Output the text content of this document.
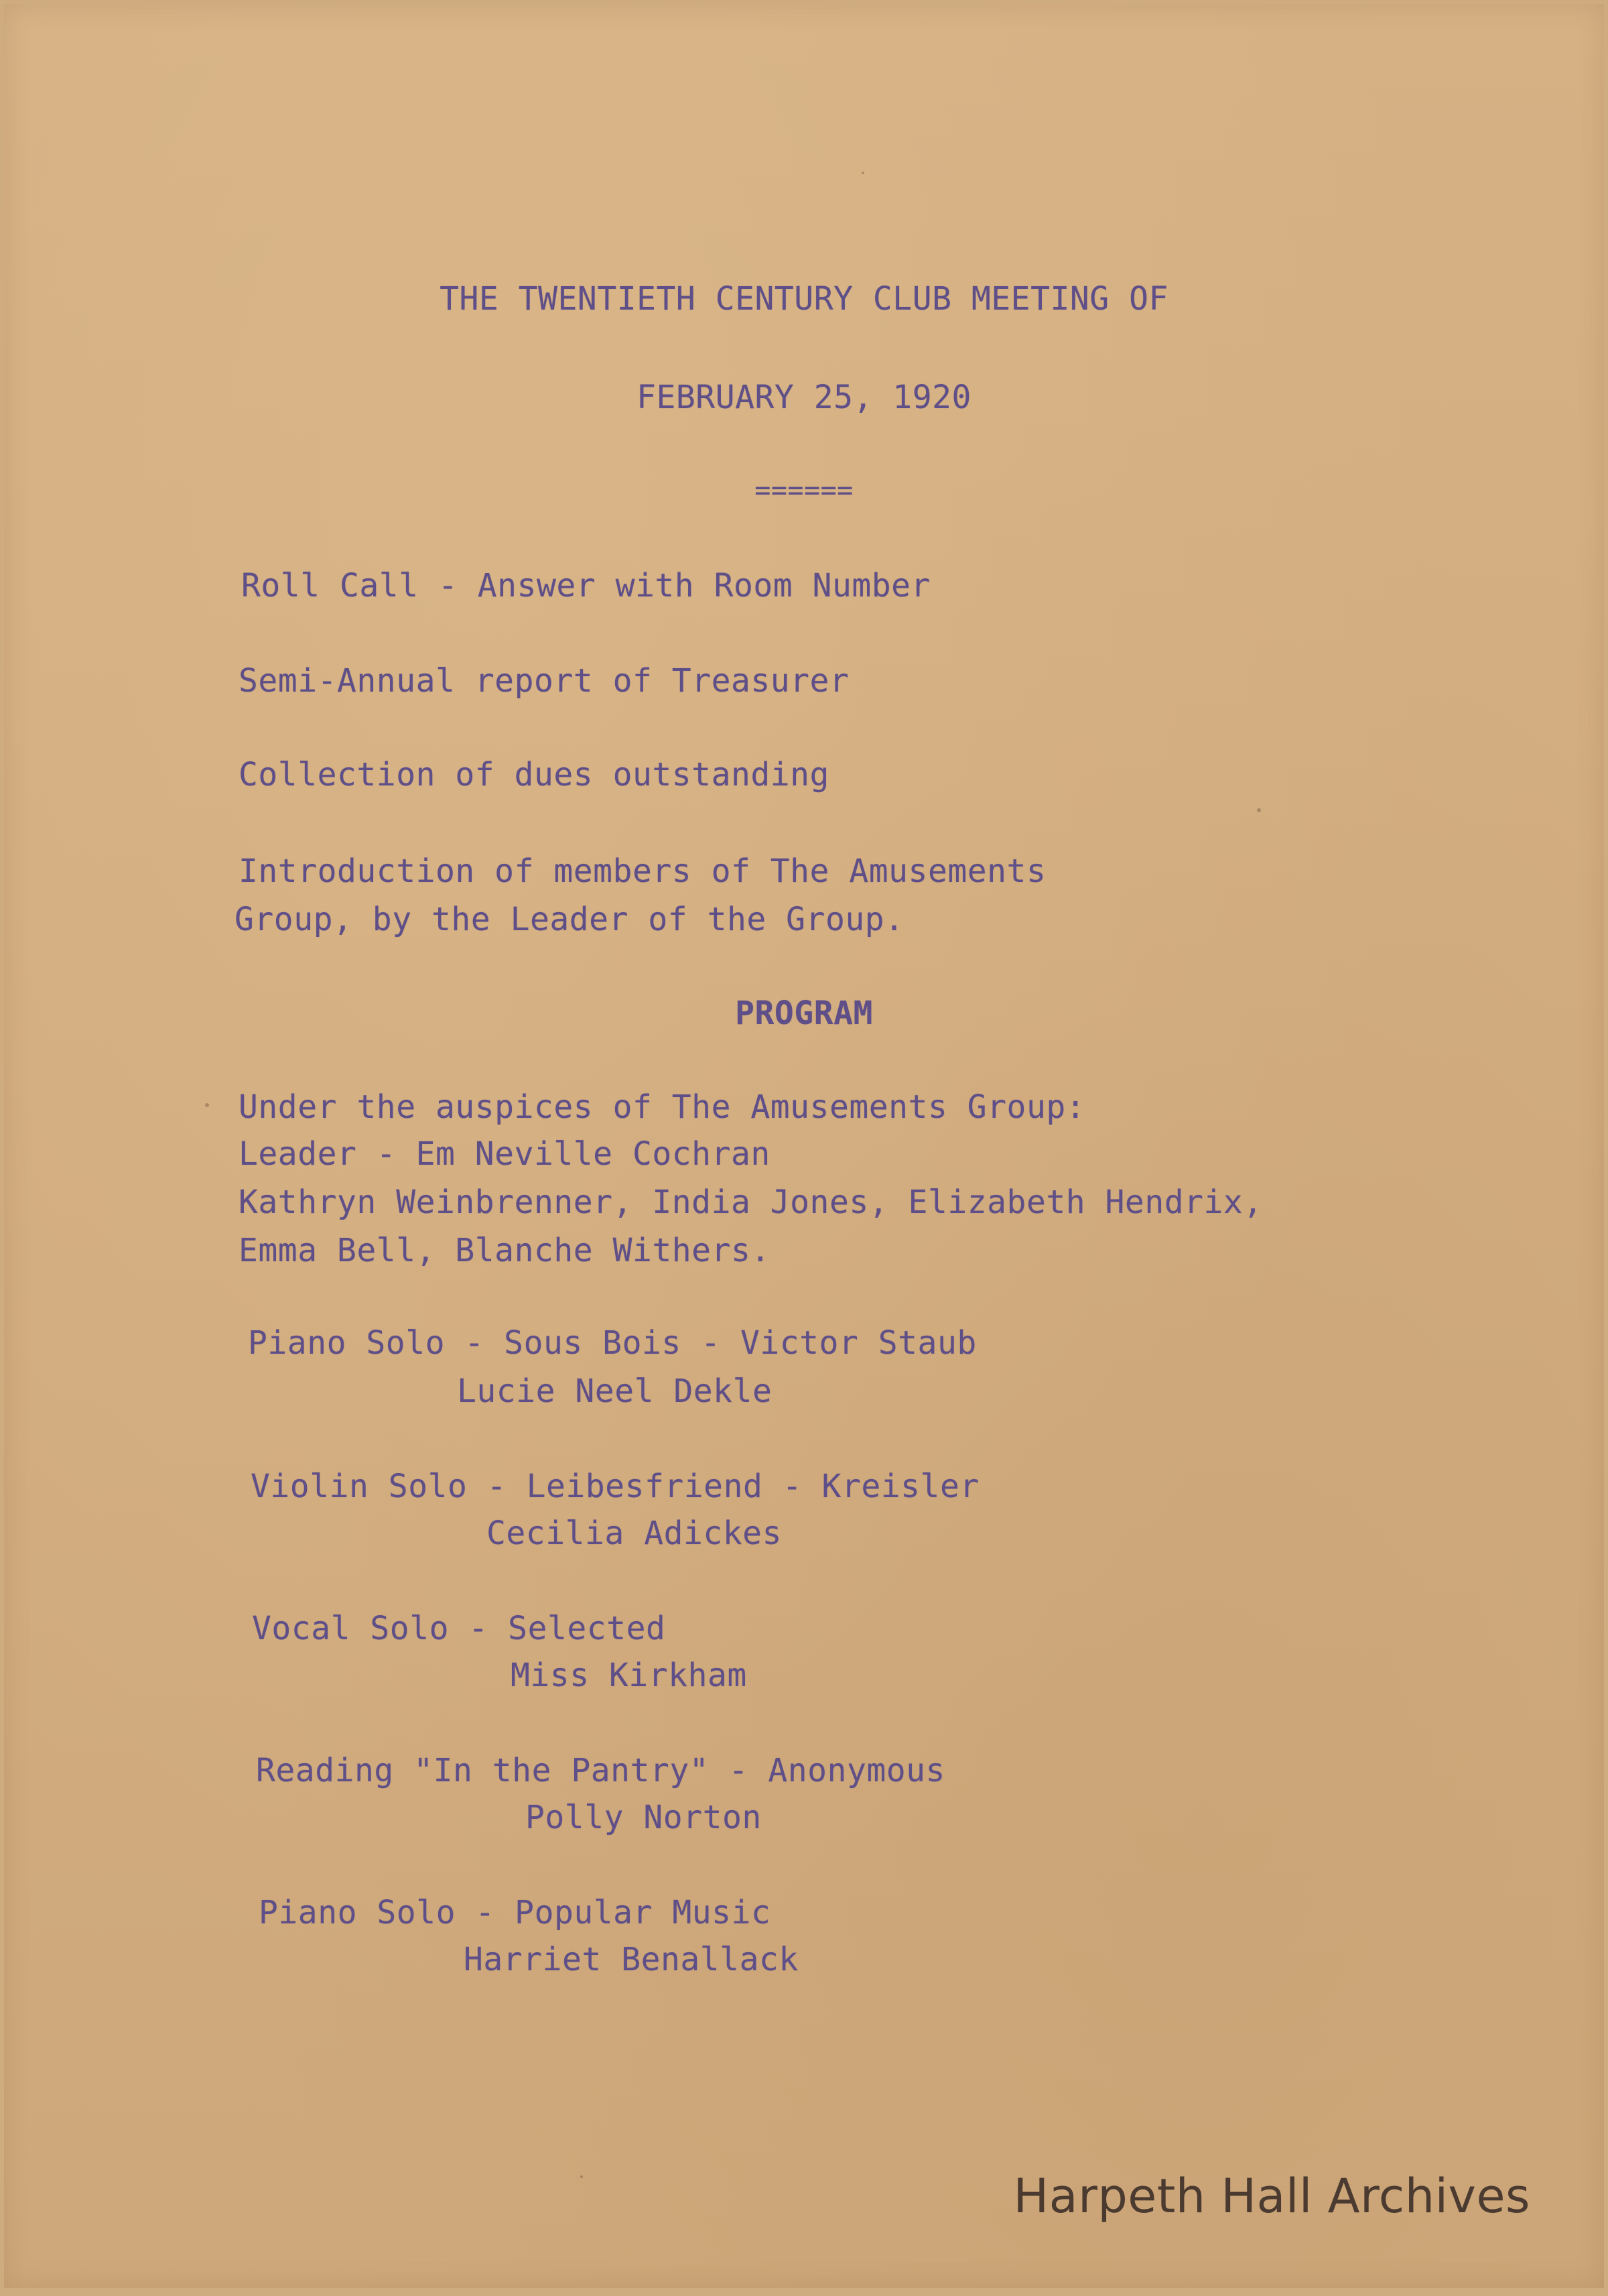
THE TWENTIETH CENTURY CLUB MEETING OF
FEBRUARY 25, 1920
======
Roll Call - Answer with Room Number
Semi-Annual report of Treasurer
Collection of dues outstanding
Introduction of members of The Amusements
Group, by the Leader of the Group.
PROGRAM
Under the auspices of The Amusements Group:
Leader - Em Neville Cochran
Kathryn Weinbrenner, India Jones, Elizabeth Hendrix,
Emma Bell, Blanche Withers.
Piano Solo - Sous Bois - Victor Staub
Lucie Neel Dekle
Violin Solo - Leibesfriend - Kreisler
Cecilia Adickes
Vocal Solo - Selected
Miss Kirkham
Reading "In the Pantry" - Anonymous
Polly Norton
Piano Solo - Popular Music
Harriet Benallack
Harpeth Hall Archives
